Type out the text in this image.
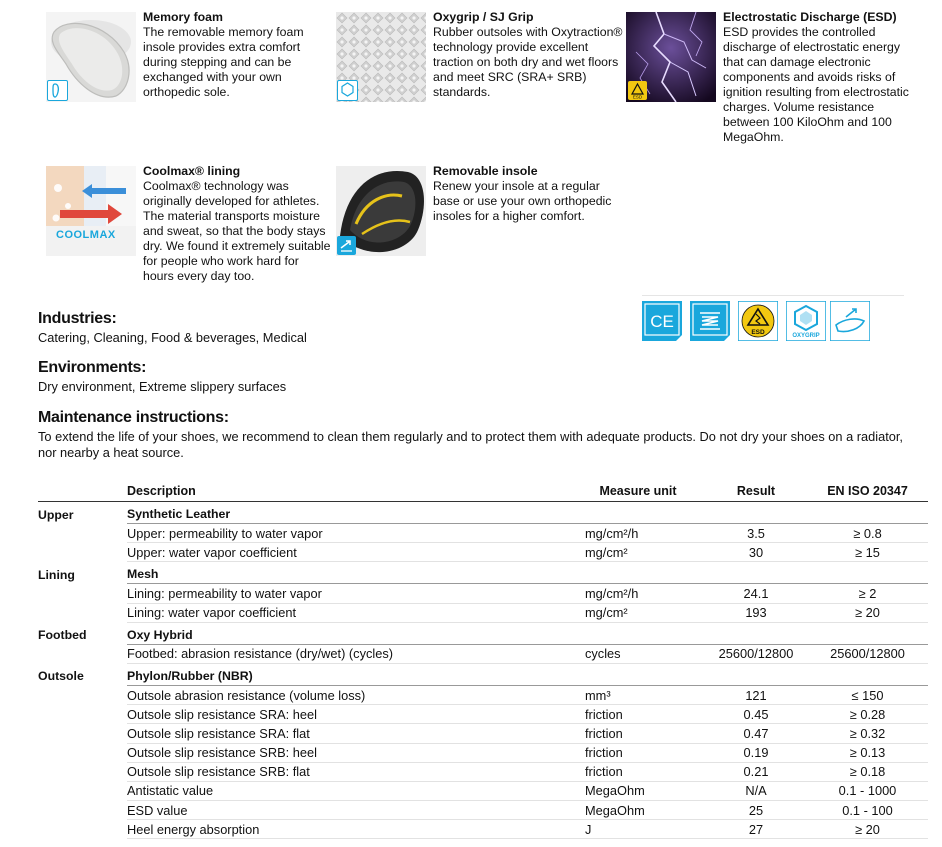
Memory foam
The removable memory foam insole provides extra comfort during stepping and can be exchanged with your own orthopedic sole.
Oxygrip / SJ Grip
Rubber outsoles with Oxytraction® technology provide excellent traction on both dry and wet floors and meet SRC (SRA+ SRB) standards.	ESD
Electrostatic Discharge (ESD)
ESD provides the controlled discharge of electrostatic energy that can damage electronic components and avoids risks of ignition resulting from electrostatic charges. Volume resistance between 100 KiloOhm and 100 MegaOhm.
COOLMAX
Coolmax® lining
Coolmax® technology was originally developed for athletes. The material transports moisture and sweat, so that the body stays dry. We found it extremely suitable for people who work hard for hours every day too.
Removable insole
Renew your insole at a regular base or use your own orthopedic insoles for a higher comfort.
CE
ESD	OXYGRIP
Industries:
Catering, Cleaning, Food & beverages, Medical
Environments:
Dry environment, Extreme slippery surfaces
Maintenance instructions:
To extend the life of your shoes, we recommend to clean them regularly and to protect them with adequate products. Do not dry your shoes on a radiator, nor nearby a heat source.
	Description	Measure unit	Result	EN ISO 20347
Upper	Synthetic Leather			
	Upper: permeability to water vapor	mg/cm²/h	3.5	≥ 0.8
	Upper: water vapor coefficient	mg/cm²	30	≥ 15
Lining	Mesh			
	Lining: permeability to water vapor	mg/cm²/h	24.1	≥ 2
	Lining: water vapor coefficient	mg/cm²	193	≥ 20
Footbed	Oxy Hybrid			
	Footbed: abrasion resistance (dry/wet) (cycles)	cycles	25600/12800	25600/12800
Outsole	Phylon/Rubber (NBR)			
	Outsole abrasion resistance (volume loss)	mm³	121	≤ 150
	Outsole slip resistance SRA: heel	friction	0.45	≥ 0.28
	Outsole slip resistance SRA: flat	friction	0.47	≥ 0.32
	Outsole slip resistance SRB: heel	friction	0.19	≥ 0.13
	Outsole slip resistance SRB: flat	friction	0.21	≥ 0.18
	Antistatic value	MegaOhm	N/A	0.1 - 1000
	ESD value	MegaOhm	25	0.1 - 100
	Heel energy absorption	J	27	≥ 20
